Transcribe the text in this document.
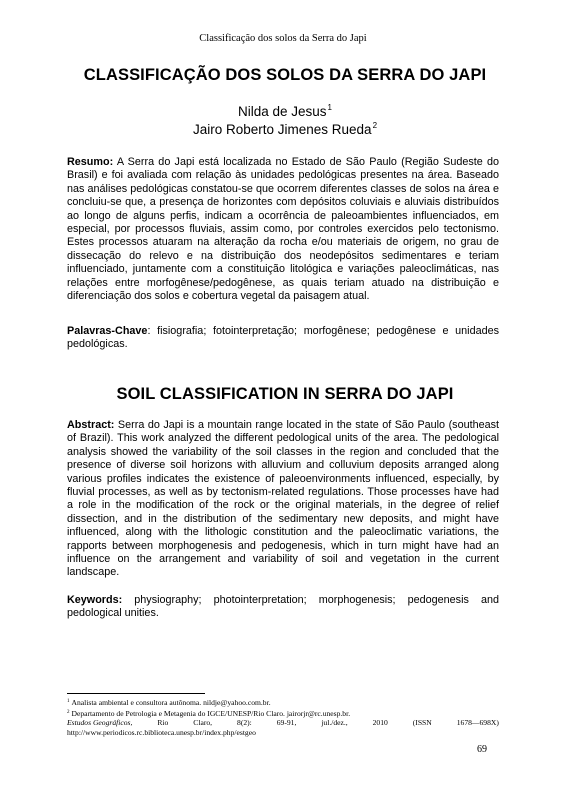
Classificação dos solos da Serra do Japi
CLASSIFICAÇÃO DOS SOLOS DA SERRA DO JAPI
Nilda de Jesus$^1$
Jairo Roberto Jimenes Rueda$^2$
Resumo: A Serra do Japi está localizada no Estado de São Paulo (Região Sudeste do Brasil) e foi avaliada com relação às unidades pedológicas presentes na área. Baseado nas análises pedológicas constatou-se que ocorrem diferentes classes de solos na área e concluiu-se que, a presença de horizontes com depósitos coluviais e aluviais distribuídos ao longo de alguns perfis, indicam a ocorrência de paleoambientes influenciados, em especial, por processos fluviais, assim como, por controles exercidos pelo tectonismo. Estes processos atuaram na alteração da rocha e/ou materiais de origem, no grau de dissecação do relevo e na distribuição dos neodepósitos sedimentares e teriam influenciado, juntamente com a constituição litológica e variações paleoclimáticas, nas relações entre morfogênese/pedogênese, as quais teriam atuado na distribuição e diferenciação dos solos e cobertura vegetal da paisagem atual.
Palavras-Chave: fisiografia; fotointerpretação; morfogênese; pedogênese e unidades pedológicas.
SOIL CLASSIFICATION IN SERRA DO JAPI
Abstract: Serra do Japi is a mountain range located in the state of São Paulo (southeast of Brazil). This work analyzed the different pedological units of the area. The pedological analysis showed the variability of the soil classes in the region and concluded that the presence of diverse soil horizons with alluvium and colluvium deposits arranged along various profiles indicates the existence of paleoenvironments influenced, especially, by fluvial processes, as well as by tectonism-related regulations. Those processes have had a role in the modification of the rock or the original materials, in the degree of relief dissection, and in the distribution of the sedimentary new deposits, and might have influenced, along with the lithologic constitution and the paleoclimatic variations, the rapports between morphogenesis and pedogenesis, which in turn might have had an influence on the arrangement and variability of soil and vegetation in the current landscape.
Keywords: physiography; photointerpretation; morphogenesis; pedogenesis and pedological unities.
$^1$ Analista ambiental e consultora autônoma. nildje@yahoo.com.br.
$^2$ Departamento de Petrologia e Metagenia do IGCE/UNESP/Rio Claro. jairorjr@rc.unesp.br.
Estudos Geográficos,	Rio	Claro,	8(2):	69-91,	jul./dez.,	2010	(ISSN	1678—698X)
http://www.periodicos.rc.biblioteca.unesp.br/index.php/estgeo
69
